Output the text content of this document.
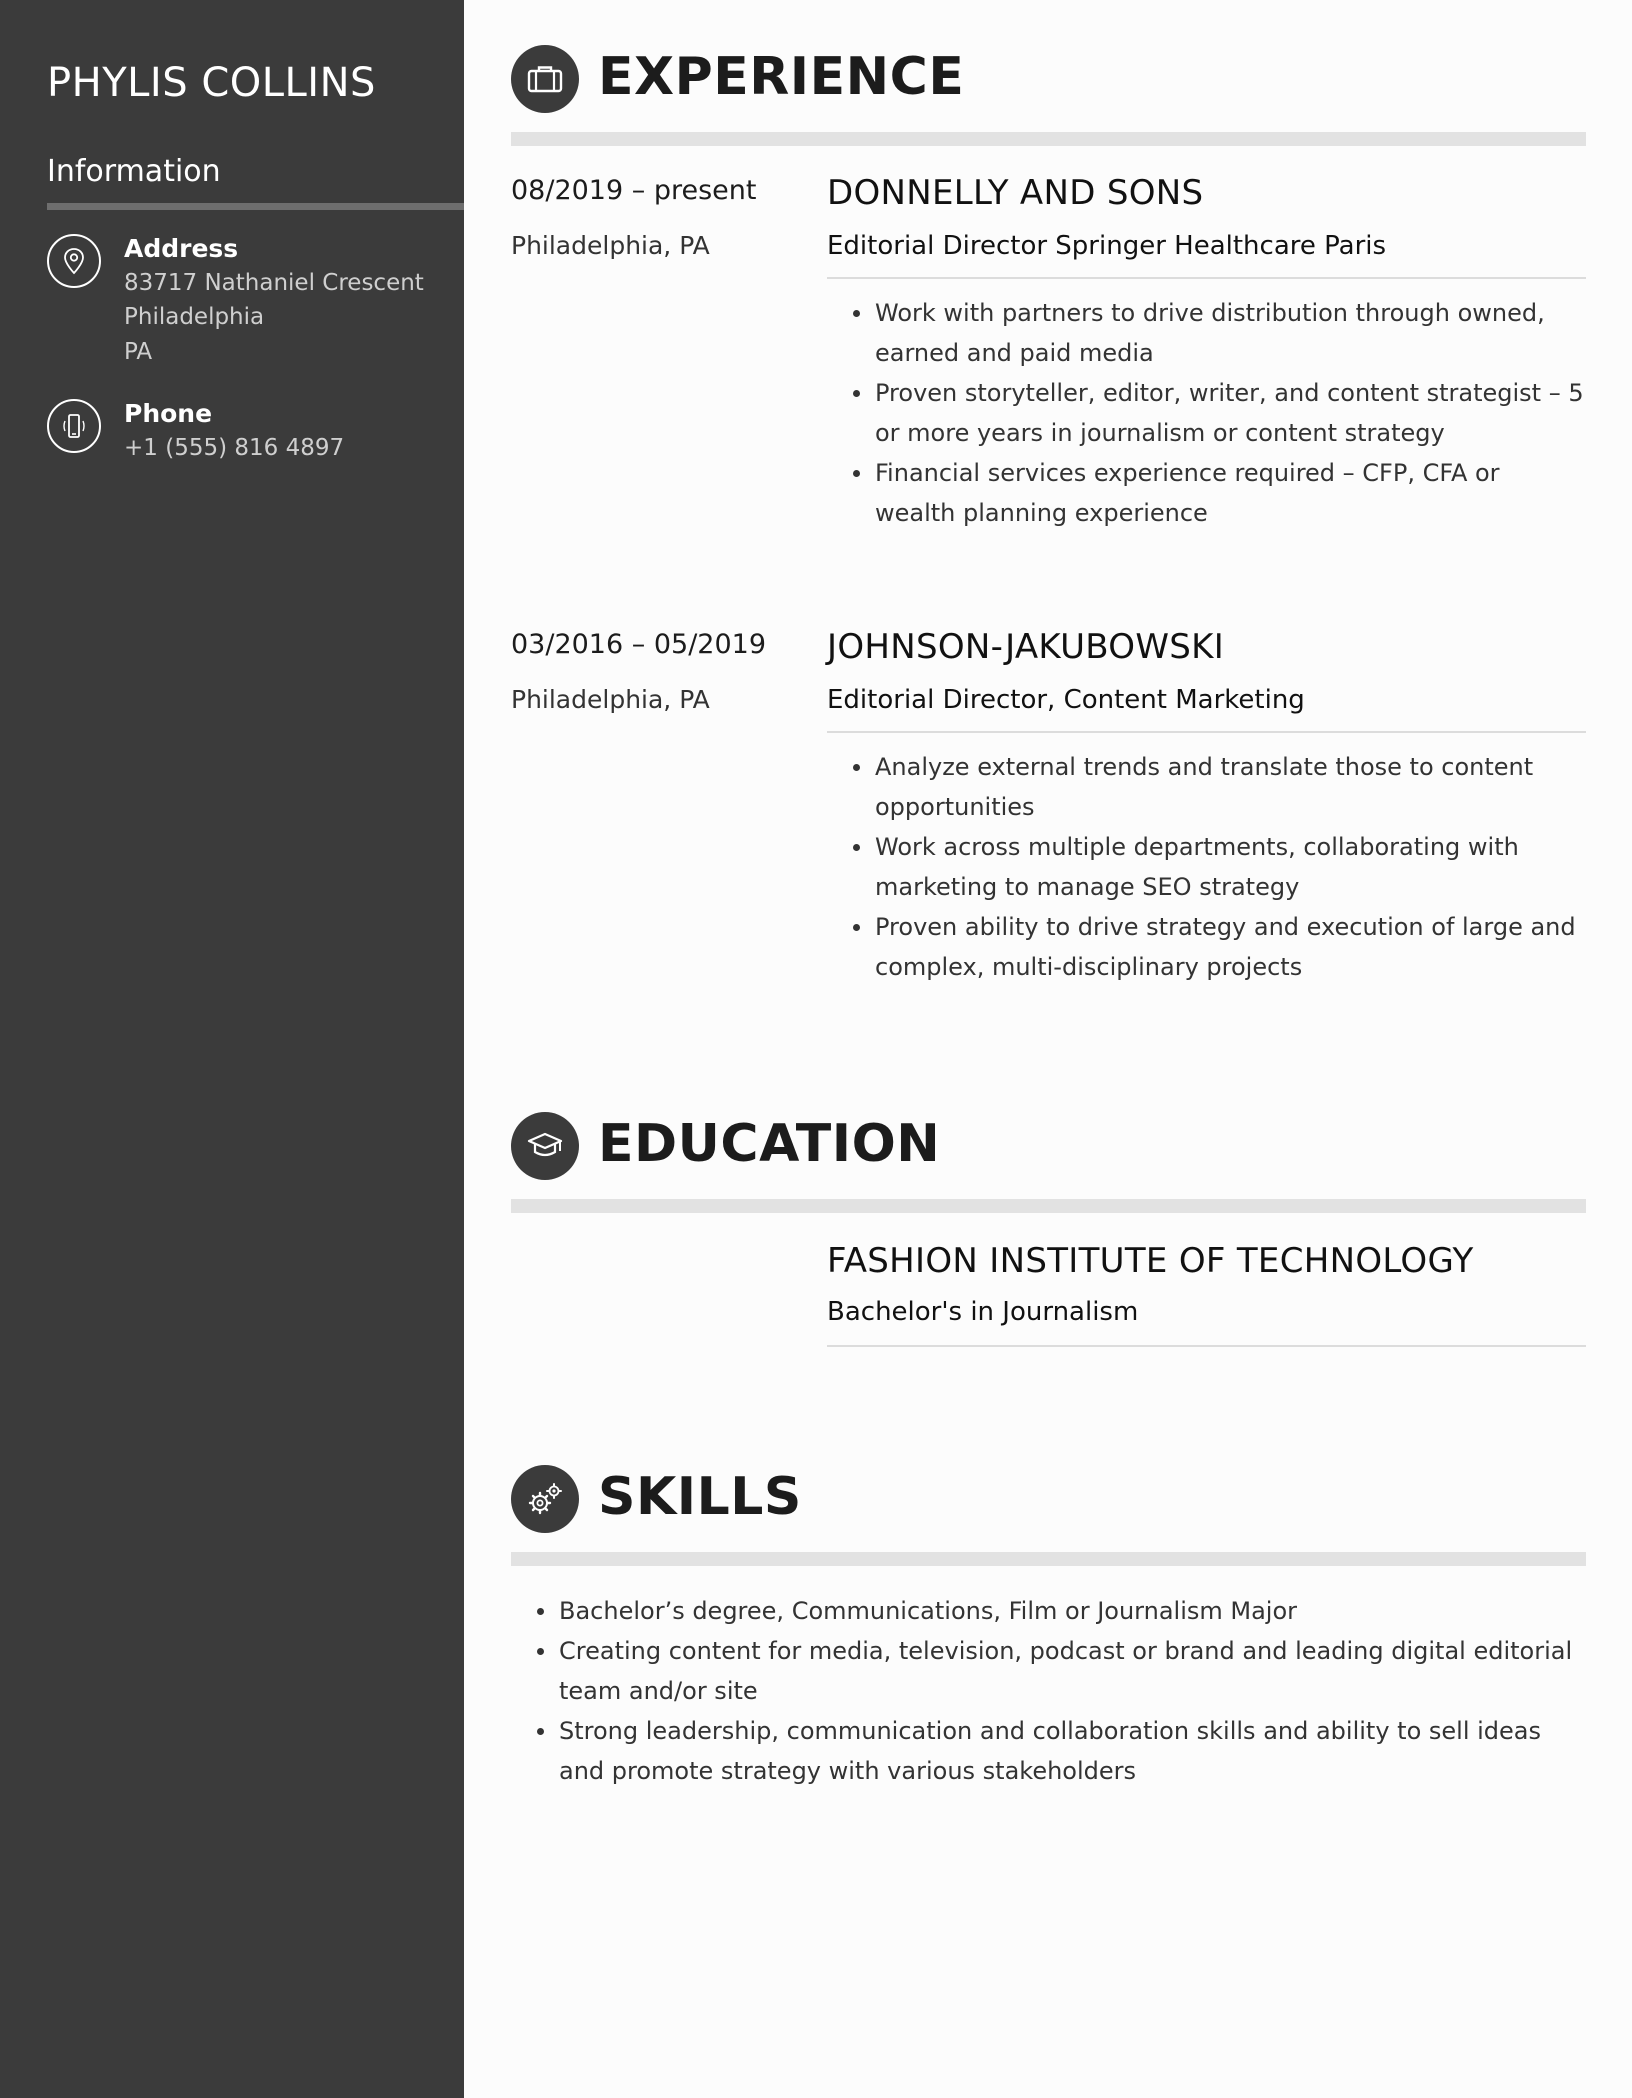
PHYLIS COLLINS
Information
Address
83717 Nathaniel Crescent
Philadelphia
PA
Phone
+1 (555) 816 4897
EXPERIENCE
08/2019 – present
Philadelphia, PA
DONNELLY AND SONS
Editorial Director Springer Healthcare Paris
Work with partners to drive distribution through owned, earned and paid media
Proven storyteller, editor, writer, and content strategist – 5 or more years in journalism or content strategy
Financial services experience required – CFP, CFA or wealth planning experience
03/2016 – 05/2019
Philadelphia, PA
JOHNSON-JAKUBOWSKI
Editorial Director, Content Marketing
Analyze external trends and translate those to content opportunities
Work across multiple departments, collaborating with marketing to manage SEO strategy
Proven ability to drive strategy and execution of large and complex, multi-disciplinary projects
EDUCATION
FASHION INSTITUTE OF TECHNOLOGY
Bachelor's in Journalism
SKILLS
Bachelor’s degree, Communications, Film or Journalism Major
Creating content for media, television, podcast or brand and leading digital editorial team and/or site
Strong leadership, communication and collaboration skills and ability to sell ideas and promote strategy with various stakeholders
